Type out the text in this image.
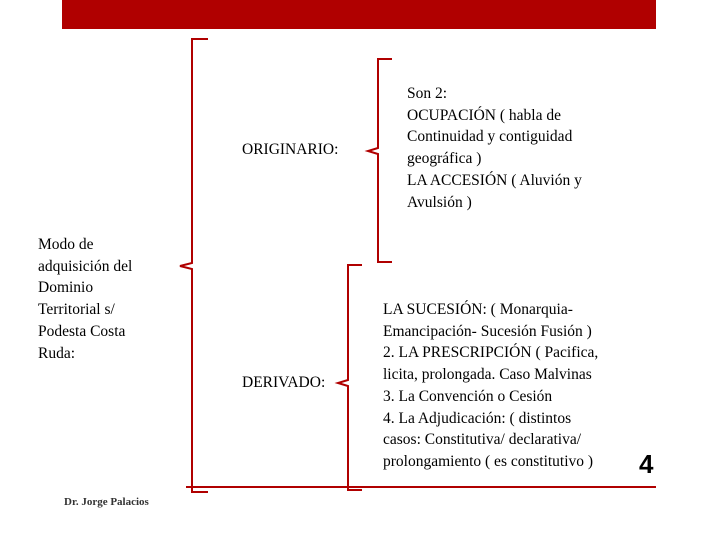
Modo de
adquisición del
Dominio
Territorial s/
Podesta Costa
Ruda:
ORIGINARIO:
DERIVADO:
Son 2:
OCUPACIÓN ( habla de
Continuidad y contiguidad
geográfica )
LA ACCESIÓN ( Aluvión y
Avulsión )
LA SUCESIÓN: ( Monarquia-
Emancipación- Sucesión Fusión )
2. LA PRESCRIPCIÓN ( Pacifica,
licita, prolongada. Caso Malvinas
3. La Convención o Cesión
4. La Adjudicación: ( distintos
casos: Constitutiva/ declarativa/
prolongamiento ( es constitutivo ) 4
Dr. Jorge Palacios
